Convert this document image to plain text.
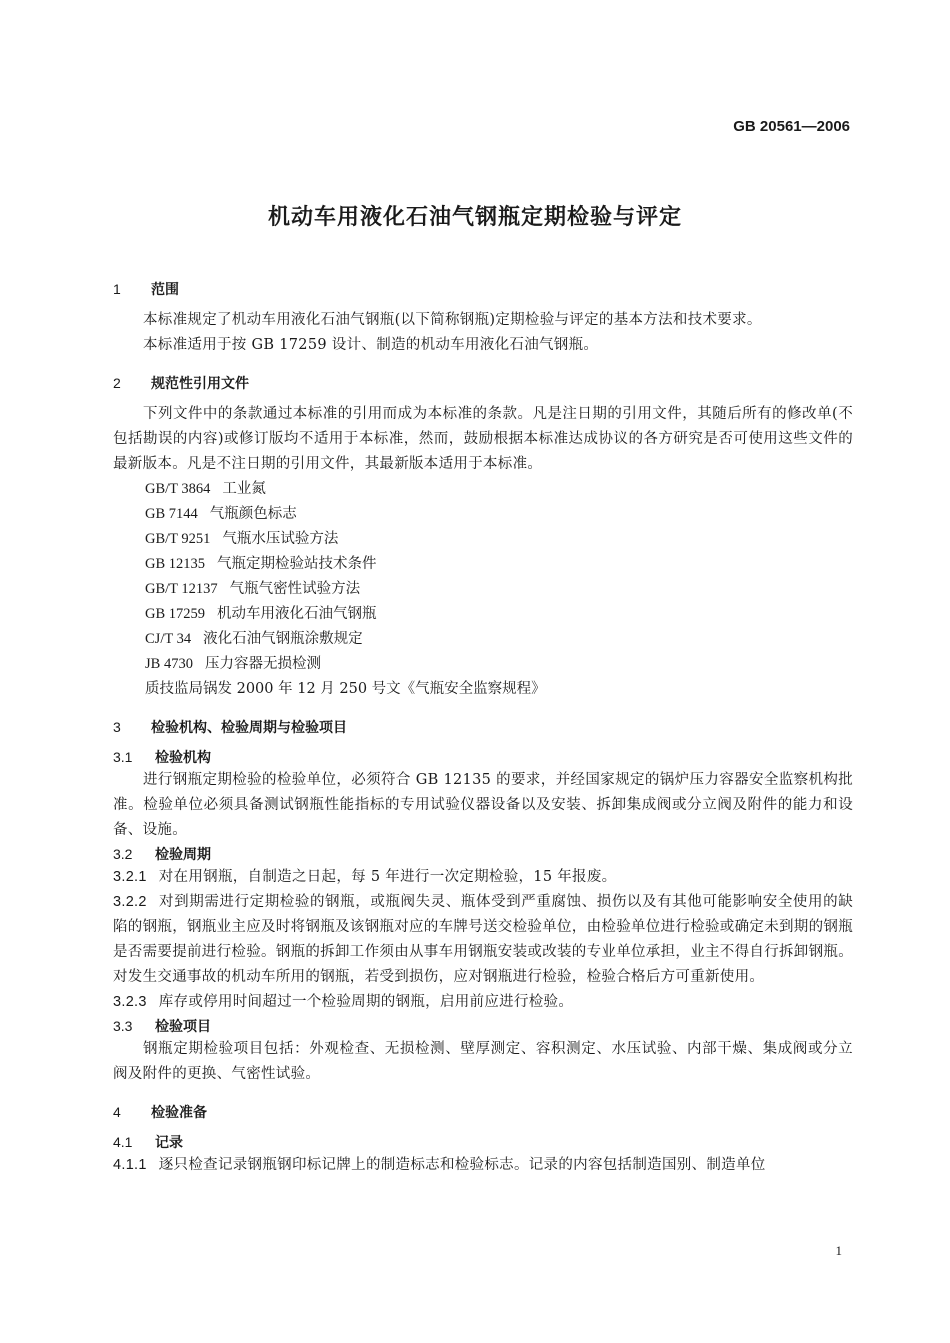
GB 20561—2006
机动车用液化石油气钢瓶定期检验与评定
1 范围

本标准规定了机动车用液化石油气钢瓶(以下简称钢瓶)定期检验与评定的基本方法和技术要求。

本标准适用于按 GB 17259 设计、制造的机动车用液化石油气钢瓶。

2 规范性引用文件

下列文件中的条款通过本标准的引用而成为本标准的条款。凡是注日期的引用文件，其随后所有的修改单(不包括勘误的内容)或修订版均不适用于本标准，然而，鼓励根据本标准达成协议的各方研究是否可使用这些文件的最新版本。凡是不注日期的引用文件，其最新版本适用于本标准。

GB/T 3864 工业氮
GB 7144 气瓶颜色标志
GB/T 9251 气瓶水压试验方法
GB 12135 气瓶定期检验站技术条件
GB/T 12137 气瓶气密性试验方法
GB 17259 机动车用液化石油气钢瓶
CJ/T 34 液化石油气钢瓶涂敷规定
JB 4730 压力容器无损检测
质技监局锅发 2000 年 12 月 250 号文《气瓶安全监察规程》
3 检验机构、检验周期与检验项目
3.1 检验机构

进行钢瓶定期检验的检验单位，必须符合 GB 12135 的要求，并经国家规定的锅炉压力容器安全监察机构批准。检验单位必须具备测试钢瓶性能指标的专用试验仪器设备以及安装、拆卸集成阀或分立阀及附件的能力和设备、设施。

3.2 检验周期

3.2.1 对在用钢瓶，自制造之日起，每 5 年进行一次定期检验，15 年报废。

3.2.2 对到期需进行定期检验的钢瓶，或瓶阀失灵、瓶体受到严重腐蚀、损伤以及有其他可能影响安全使用的缺陷的钢瓶，钢瓶业主应及时将钢瓶及该钢瓶对应的车牌号送交检验单位，由检验单位进行检验或确定未到期的钢瓶是否需要提前进行检验。钢瓶的拆卸工作须由从事车用钢瓶安装或改装的专业单位承担，业主不得自行拆卸钢瓶。对发生交通事故的机动车所用的钢瓶，若受到损伤，应对钢瓶进行检验，检验合格后方可重新使用。

3.2.3 库存或停用时间超过一个检验周期的钢瓶，启用前应进行检验。

3.3 检验项目

钢瓶定期检验项目包括：外观检查、无损检测、壁厚测定、容积测定、水压试验、内部干燥、集成阀或分立阀及附件的更换、气密性试验。

4 检验准备
4.1 记录

4.1.1 逐只检查记录钢瓶钢印标记牌上的制造标志和检验标志。记录的内容包括制造国别、制造单位

1
